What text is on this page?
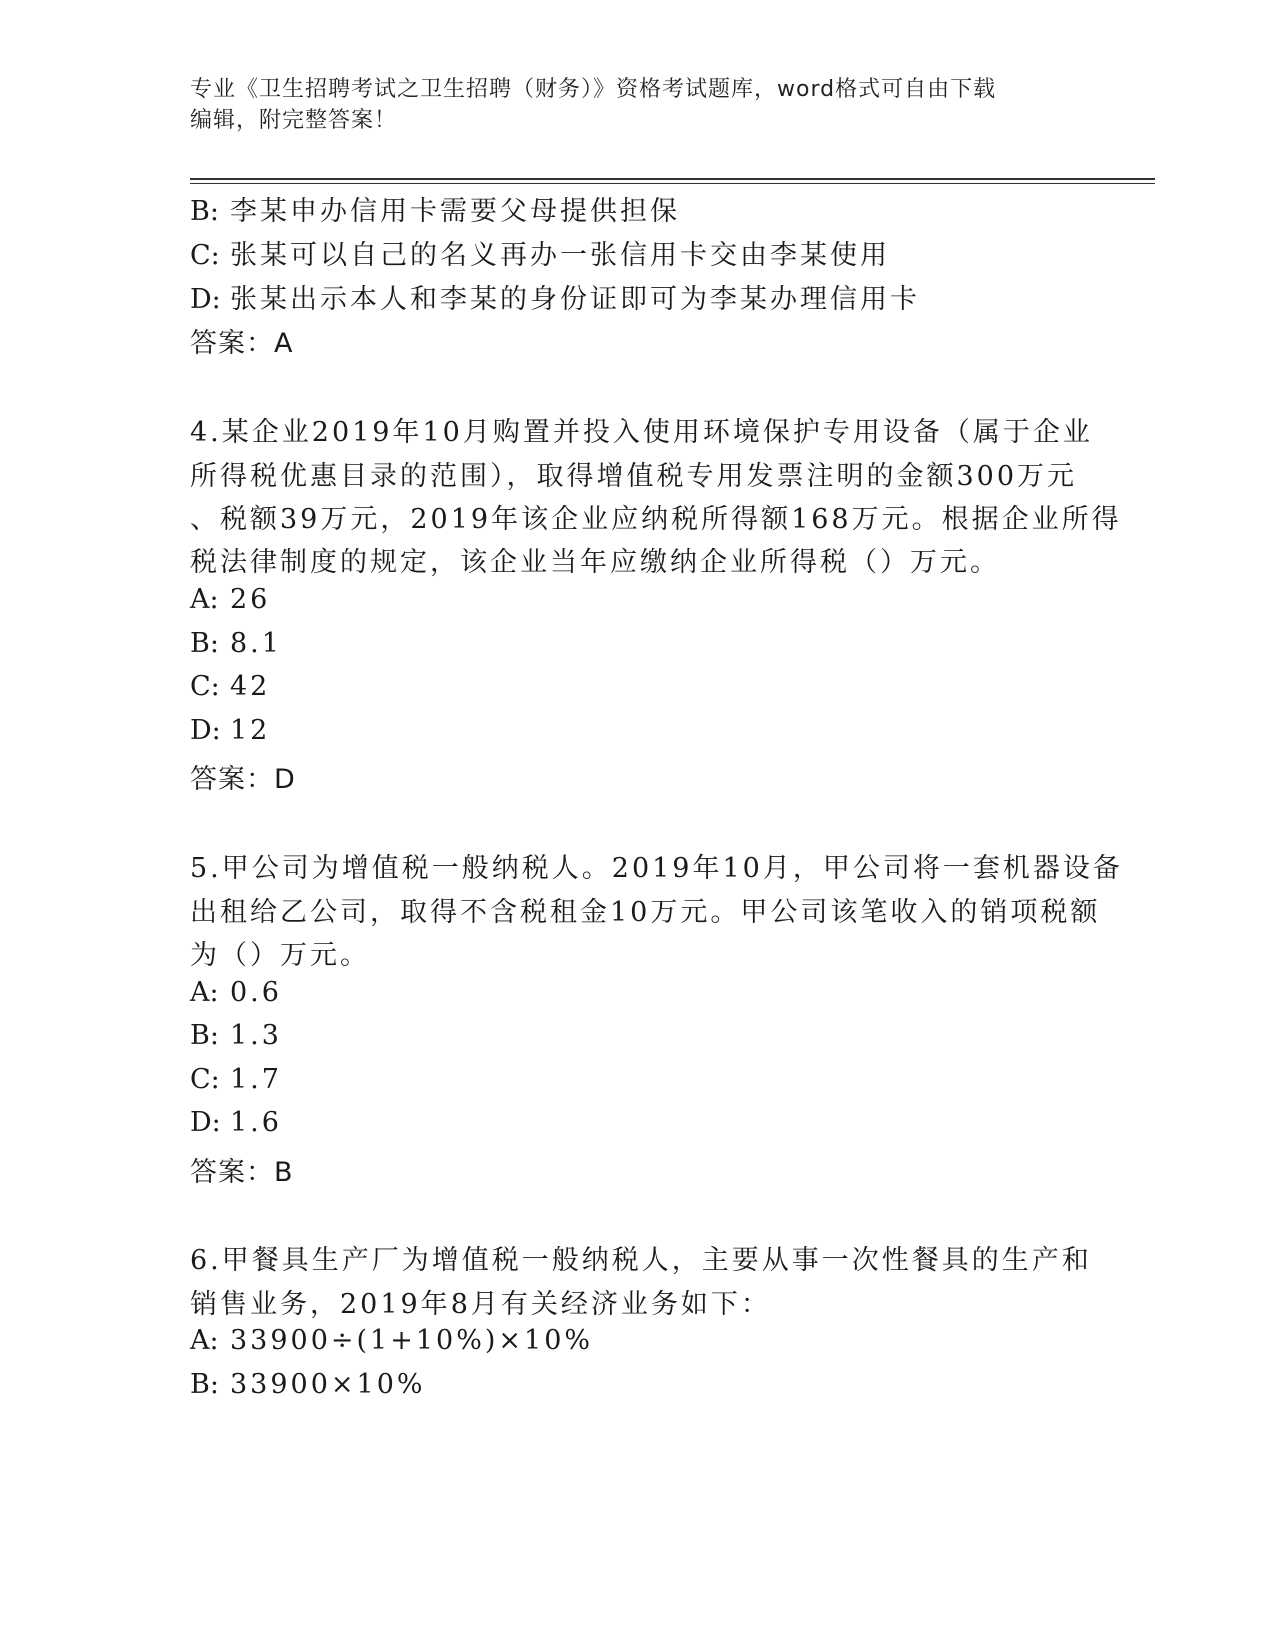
专业《卫生招聘考试之卫生招聘（财务）》资格考试题库，word格式可自由下载
编辑，附完整答案！
B: 李某申办信用卡需要父母提供担保
C: 张某可以自己的名义再办一张信用卡交由李某使用
D: 张某出示本人和李某的身份证即可为李某办理信用卡
答案：A
4.某企业2019年10月购置并投入使用环境保护专用设备（属于企业
所得税优惠目录的范围），取得增值税专用发票注明的金额300万元
、税额39万元，2019年该企业应纳税所得额168万元。根据企业所得
税法律制度的规定，该企业当年应缴纳企业所得税（）万元。
A: 26
B: 8.1
C: 42
D: 12
答案：D
5.甲公司为增值税一般纳税人。2019年10月，甲公司将一套机器设备
出租给乙公司，取得不含税租金10万元。甲公司该笔收入的销项税额
为（）万元。
A: 0.6
B: 1.3
C: 1.7
D: 1.6
答案：B
6.甲餐具生产厂为增值税一般纳税人，主要从事一次性餐具的生产和
销售业务，2019年8月有关经济业务如下：
A: 33900÷(1+10%)×10%
B: 33900×10%
